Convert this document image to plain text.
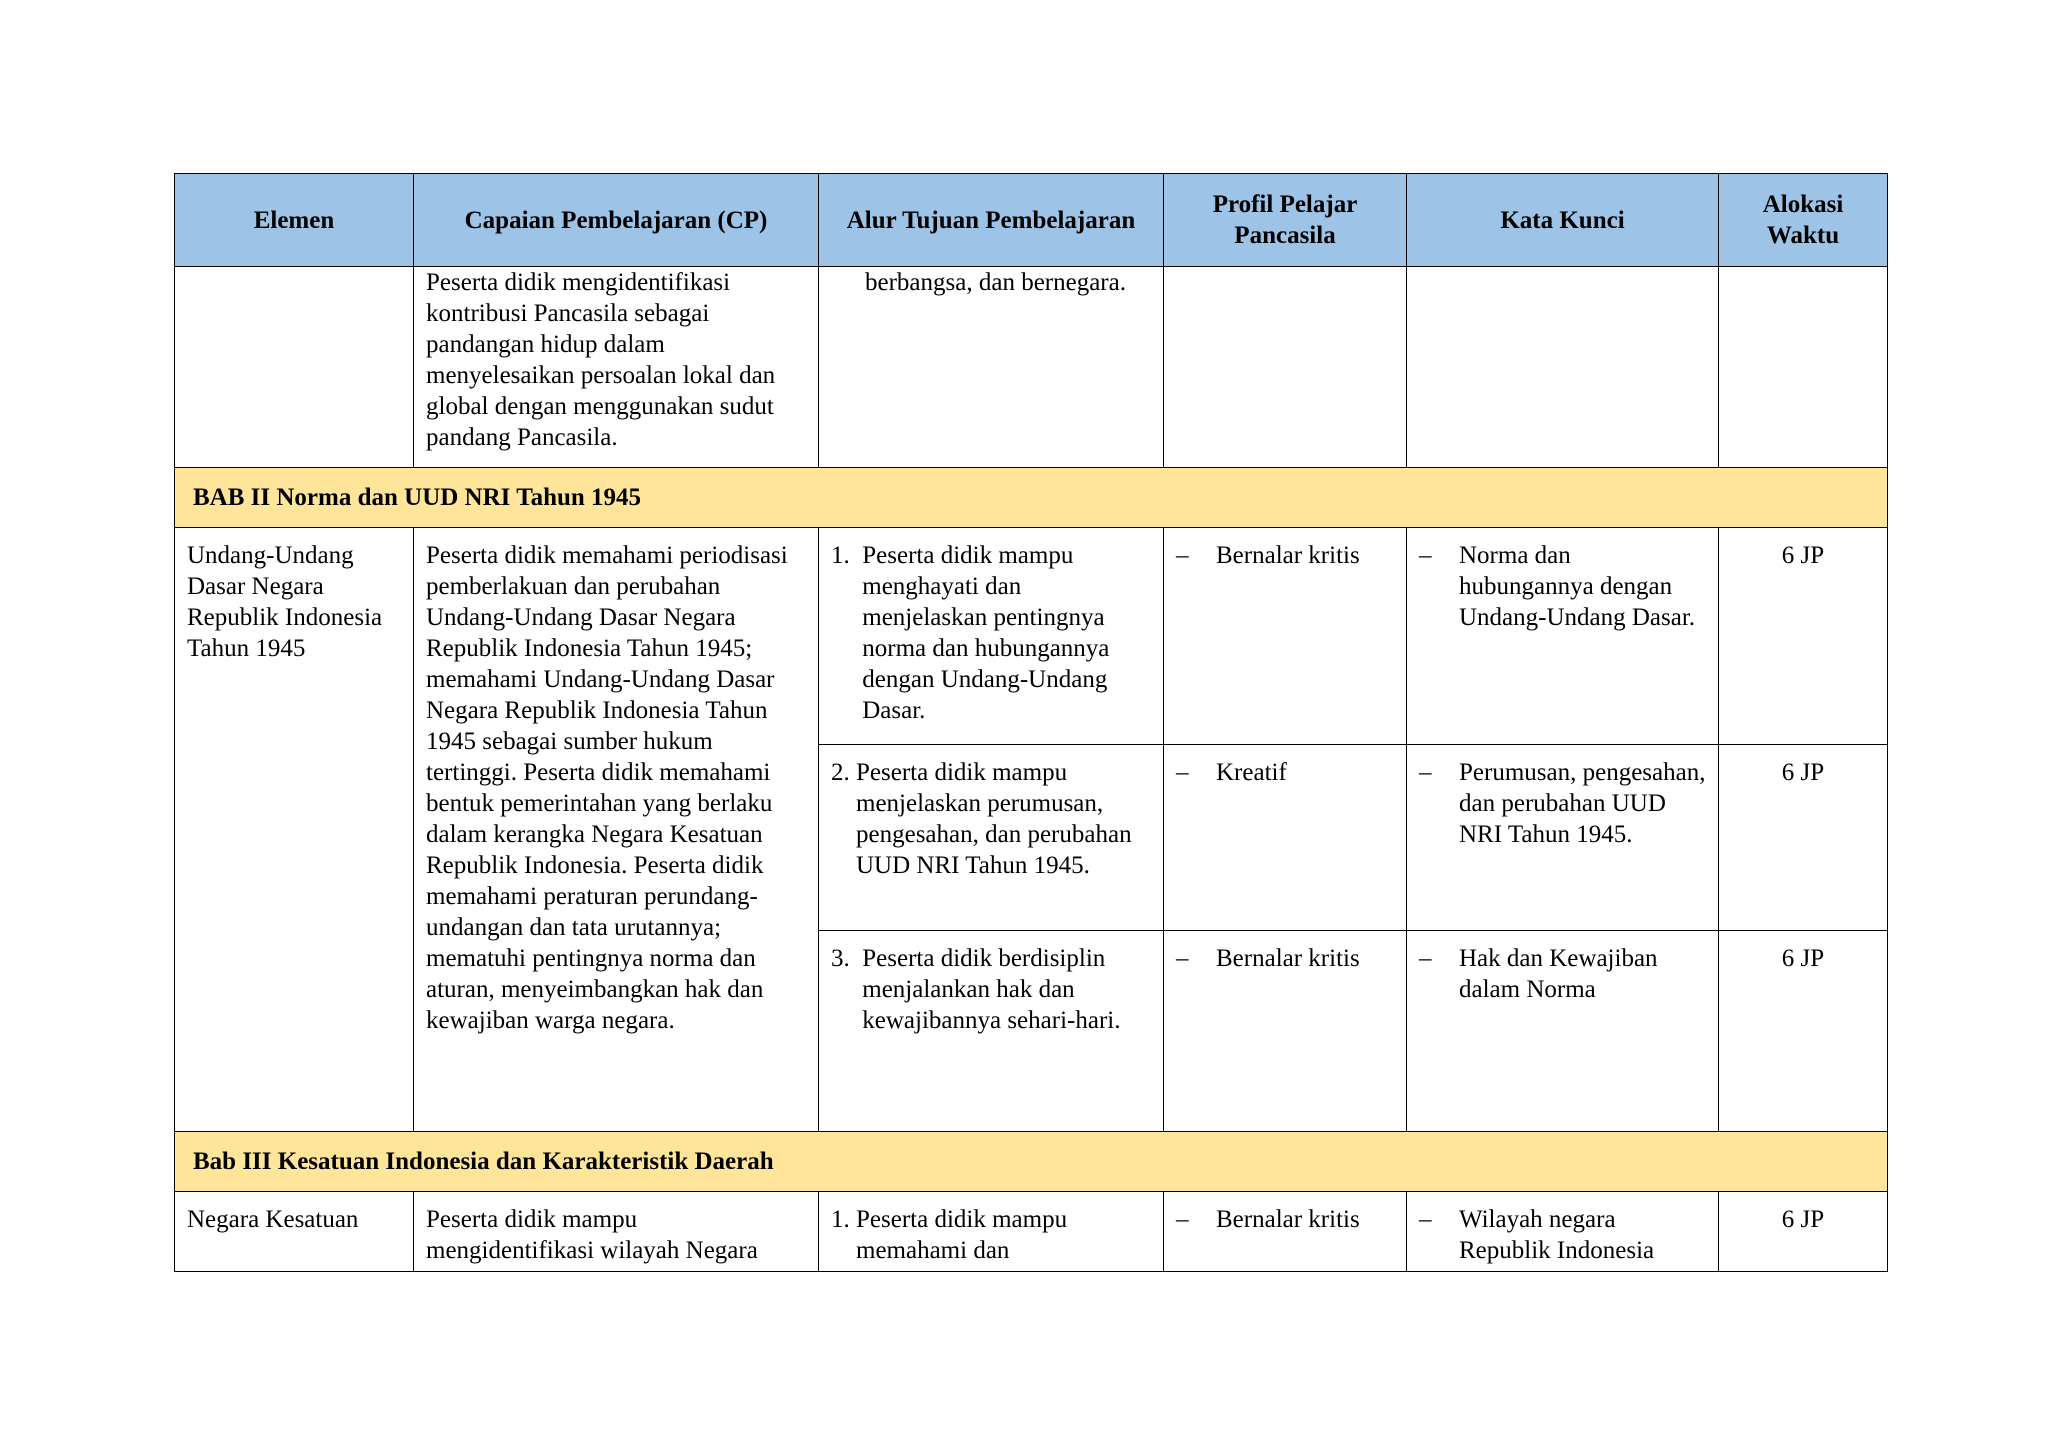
Elemen	Capaian Pembelajaran (CP)	Alur Tujuan Pembelajaran	Profil Pelajar Pancasila	Kata Kunci	Alokasi Waktu
	Peserta didik mengidentifikasi kontribusi Pancasila sebagai pandangan hidup dalam menyelesaikan persoalan lokal dan global dengan menggunakan sudut pandang Pancasila.	berbangsa, dan bernegara.			

BAB II Norma dan UUD NRI Tahun 1945					
Undang-Undang Dasar Negara Republik Indonesia Tahun 1945	Peserta didik memahami periodisasi pemberlakuan dan perubahan Undang-Undang Dasar Negara Republik Indonesia Tahun 1945; memahami Undang-Undang Dasar Negara Republik Indonesia Tahun 1945 sebagai sumber hukum tertinggi. Peserta didik memahami bentuk pemerintahan yang berlaku dalam kerangka Negara Kesatuan Republik Indonesia. Peserta didik memahami peraturan perundang-undangan dan tata urutannya; mematuhi pentingnya norma dan aturan, menyeimbangkan hak dan kewajiban warga negara.	1. Peserta didik mampu menghayati dan menjelaskan pentingnya norma dan hubungannya dengan Undang-Undang Dasar.	– Bernalar kritis	– Norma dan hubungannya dengan Undang-Undang Dasar.	6 JP

		2. Peserta didik mampu menjelaskan perumusan, pengesahan, dan perubahan UUD NRI Tahun 1945.	– Kreatif	– Perumusan, pengesahan, dan perubahan UUD NRI Tahun 1945.	6 JP

		3. Peserta didik berdisiplin menjalankan hak dan kewajibannya sehari-hari.	– Bernalar kritis	– Hak dan Kewajiban dalam Norma	6 JP
Bab III Kesatuan Indonesia dan Karakteristik Daerah					
Negara Kesatuan	Peserta didik mampu mengidentifikasi wilayah Negara	1. Peserta didik mampu memahami dan	– Bernalar kritis	– Wilayah negara Republik Indonesia	6 JP
